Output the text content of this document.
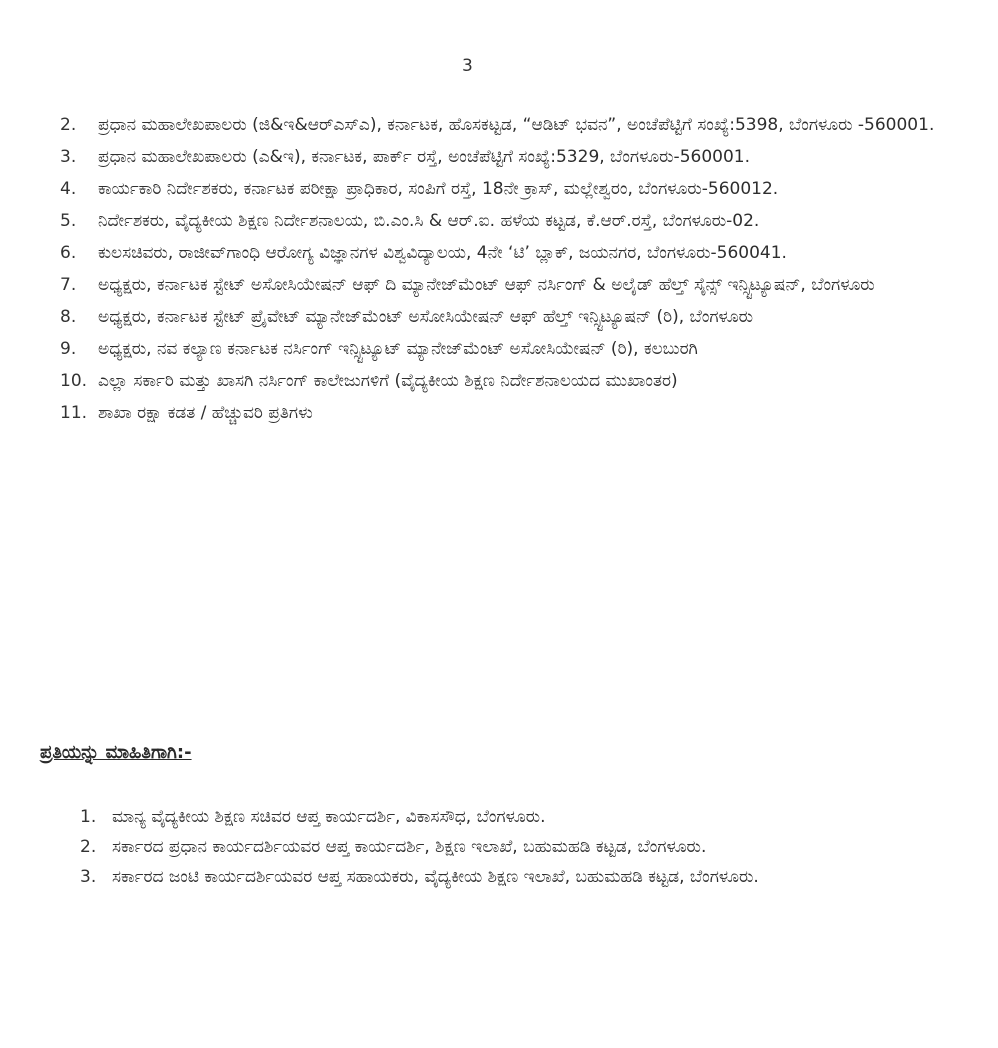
3
2.	ಪ್ರಧಾನ ಮಹಾಲೇಖಪಾಲರು (ಜಿ&ಇ&ಆರ್‌ಎಸ್‌ಎ), ಕರ್ನಾಟಕ, ಹೊಸಕಟ್ಟಡ, “ಆಡಿಟ್ ಭವನ”, ಅಂಚೆಪೆಟ್ಟಿಗೆ ಸಂಖ್ಯೆ:5398, ಬೆಂಗಳೂರು -560001.
3.	ಪ್ರಧಾನ ಮಹಾಲೇಖಪಾಲರು (ಎ&ಇ), ಕರ್ನಾಟಕ, ಪಾರ್ಕ್ ರಸ್ತೆ, ಅಂಚೆಪೆಟ್ಟಿಗೆ ಸಂಖ್ಯೆ:5329, ಬೆಂಗಳೂರು-560001.
4.	ಕಾರ್ಯಕಾರಿ ನಿರ್ದೇಶಕರು, ಕರ್ನಾಟಕ ಪರೀಕ್ಷಾ ಪ್ರಾಧಿಕಾರ, ಸಂಪಿಗೆ ರಸ್ತೆ, 18ನೇ ಕ್ರಾಸ್, ಮಲ್ಲೇಶ್ವರಂ, ಬೆಂಗಳೂರು-560012.
5.	ನಿರ್ದೇಶಕರು, ವೈದ್ಯಕೀಯ ಶಿಕ್ಷಣ ನಿರ್ದೇಶನಾಲಯ, ಬಿ.ಎಂ.ಸಿ & ಆರ್.ಐ. ಹಳೆಯ ಕಟ್ಟಡ, ಕೆ.ಆರ್.ರಸ್ತೆ, ಬೆಂಗಳೂರು-02.
6.	ಕುಲಸಚಿವರು, ರಾಜೀವ್‌ಗಾಂಧಿ ಆರೋಗ್ಯ ವಿಜ್ಞಾನಗಳ ವಿಶ್ವವಿದ್ಯಾಲಯ, 4ನೇ ‘ಟಿ’ ಬ್ಲಾಕ್, ಜಯನಗರ, ಬೆಂಗಳೂರು-560041.
7.	ಅಧ್ಯಕ್ಷರು, ಕರ್ನಾಟಕ ಸ್ಟೇಟ್ ಅಸೋಸಿಯೇಷನ್ ಆಫ್ ದಿ ಮ್ಯಾನೇಜ್‌ಮೆಂಟ್ ಆಫ್ ನರ್ಸಿಂಗ್ & ಅಲೈಡ್ ಹೆಲ್ತ್ ಸೈನ್ಸ್ ಇನ್ಸ್ಟಿಟ್ಯೂಷನ್, ಬೆಂಗಳೂರು
8.	ಅಧ್ಯಕ್ಷರು, ಕರ್ನಾಟಕ ಸ್ಟೇಟ್ ಪ್ರೈವೇಟ್ ಮ್ಯಾನೇಜ್‌ಮೆಂಟ್ ಅಸೋಸಿಯೇಷನ್ ಆಫ್ ಹೆಲ್ತ್ ಇನ್ಸ್ಟಿಟ್ಯೂಷನ್ (ರಿ), ಬೆಂಗಳೂರು
9.	ಅಧ್ಯಕ್ಷರು, ನವ ಕಲ್ಯಾಣ ಕರ್ನಾಟಕ ನರ್ಸಿಂಗ್ ಇನ್ಸ್ಟಿಟ್ಯೂಟ್ ಮ್ಯಾನೇಜ್‌ಮೆಂಟ್ ಅಸೋಸಿಯೇಷನ್ (ರಿ), ಕಲಬುರಗಿ
10. ಎಲ್ಲಾ ಸರ್ಕಾರಿ ಮತ್ತು ಖಾಸಗಿ ನರ್ಸಿಂಗ್ ಕಾಲೇಜುಗಳಿಗೆ (ವೈದ್ಯಕೀಯ ಶಿಕ್ಷಣ ನಿರ್ದೇಶನಾಲಯದ ಮುಖಾಂತರ)
11. ಶಾಖಾ ರಕ್ಷಾ ಕಡತ / ಹೆಚ್ಚುವರಿ ಪ್ರತಿಗಳು
ಪ್ರತಿಯನ್ನು ಮಾಹಿತಿಗಾಗಿ:-
1. ಮಾನ್ಯ ವೈದ್ಯಕೀಯ ಶಿಕ್ಷಣ ಸಚಿವರ ಆಪ್ತ ಕಾರ್ಯದರ್ಶಿ, ವಿಕಾಸಸೌಧ, ಬೆಂಗಳೂರು.
2. ಸರ್ಕಾರದ ಪ್ರಧಾನ ಕಾರ್ಯದರ್ಶಿಯವರ ಆಪ್ತ ಕಾರ್ಯದರ್ಶಿ, ಶಿಕ್ಷಣ ಇಲಾಖೆ, ಬಹುಮಹಡಿ ಕಟ್ಟಡ, ಬೆಂಗಳೂರು.
3. ಸರ್ಕಾರದ ಜಂಟಿ ಕಾರ್ಯದರ್ಶಿಯವರ ಆಪ್ತ ಸಹಾಯಕರು, ವೈದ್ಯಕೀಯ ಶಿಕ್ಷಣ ಇಲಾಖೆ, ಬಹುಮಹಡಿ ಕಟ್ಟಡ, ಬೆಂಗಳೂರು.
